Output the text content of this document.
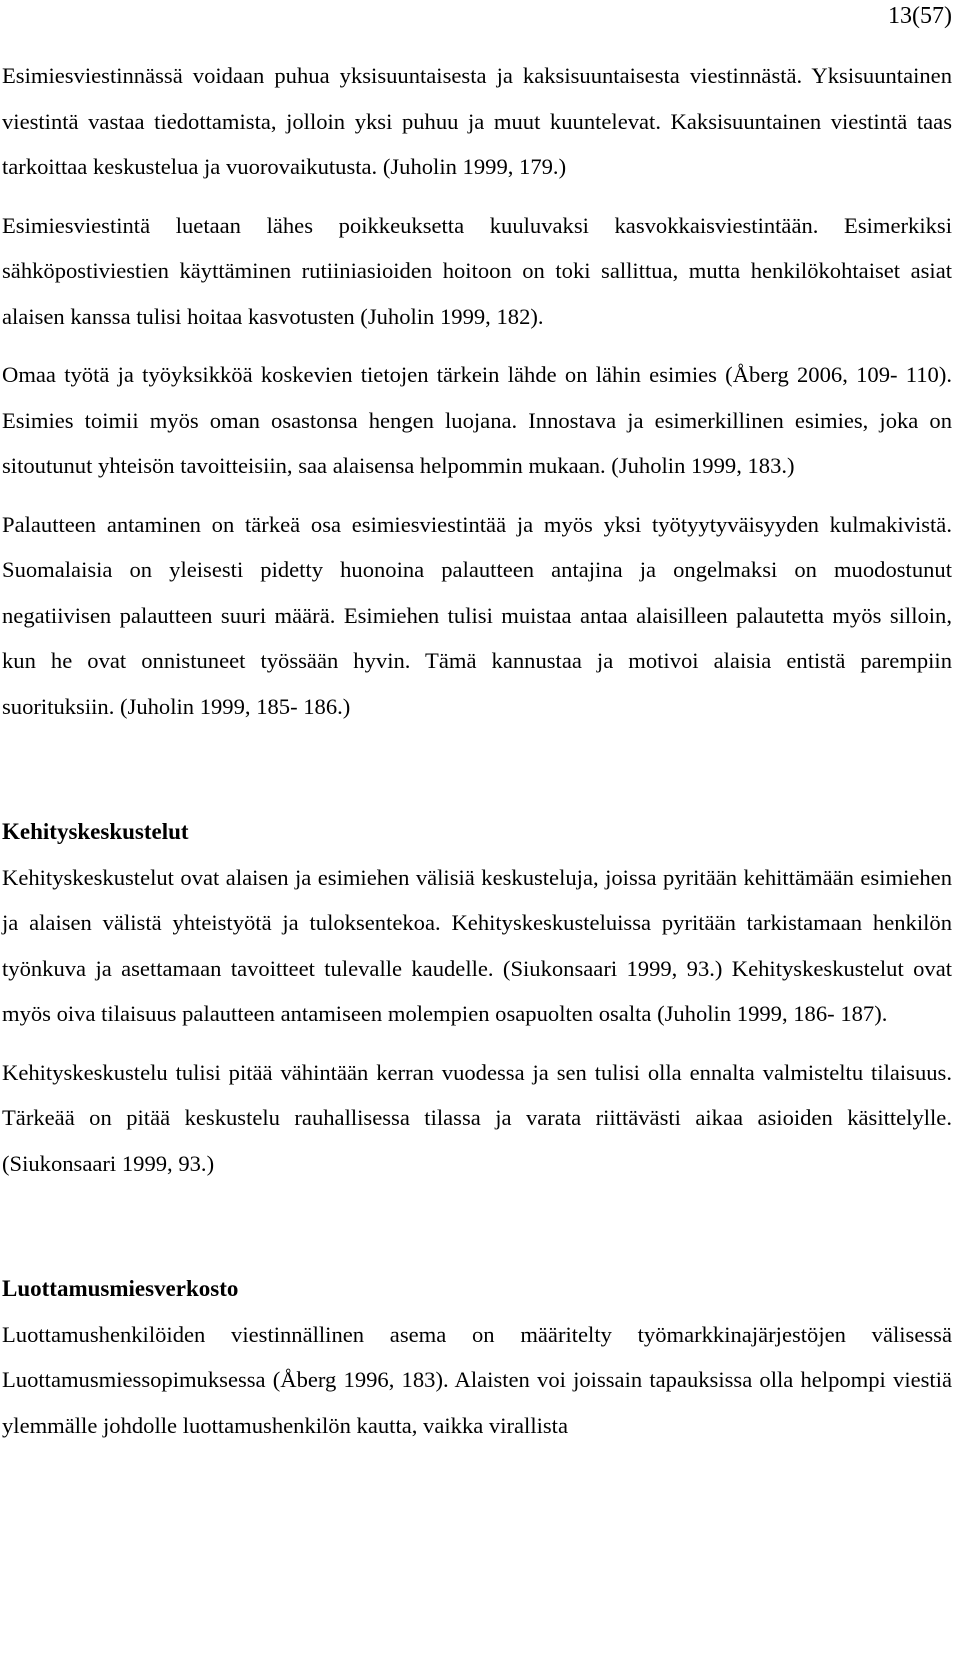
13(57)

Esimiesviestinnässä voidaan puhua yksisuuntaisesta ja kaksisuuntaisesta viestinnästä. Yksisuuntainen viestintä vastaa tiedottamista, jolloin yksi puhuu ja muut kuuntelevat. Kaksisuuntainen viestintä taas tarkoittaa keskustelua ja vuorovaikutusta. (Juholin 1999, 179.)

Esimiesviestintä luetaan lähes poikkeuksetta kuuluvaksi kasvokkaisviestintään. Esimerkiksi sähköpostiviestien käyttäminen rutiiniasioiden hoitoon on toki sallittua, mutta henkilökohtaiset asiat alaisen kanssa tulisi hoitaa kasvotusten (Juholin 1999, 182).

Omaa työtä ja työyksikköä koskevien tietojen tärkein lähde on lähin esimies (Åberg 2006, 109- 110). Esimies toimii myös oman osastonsa hengen luojana. Innostava ja esimerkillinen esimies, joka on sitoutunut yhteisön tavoitteisiin, saa alaisensa helpommin mukaan. (Juholin 1999, 183.)

Palautteen antaminen on tärkeä osa esimiesviestintää ja myös yksi työtyytyväisyyden kulmakivistä. Suomalaisia on yleisesti pidetty huonoina palautteen antajina ja ongelmaksi on muodostunut negatiivisen palautteen suuri määrä. Esimiehen tulisi muistaa antaa alaisilleen palautetta myös silloin, kun he ovat onnistuneet työssään hyvin. Tämä kannustaa ja motivoi alaisia entistä parempiin suorituksiin. (Juholin 1999, 185- 186.)

Kehityskeskustelut

Kehityskeskustelut ovat alaisen ja esimiehen välisiä keskusteluja, joissa pyritään kehittämään esimiehen ja alaisen välistä yhteistyötä ja tuloksentekoa. Kehityskeskusteluissa pyritään tarkistamaan henkilön työnkuva ja asettamaan tavoitteet tulevalle kaudelle. (Siukonsaari 1999, 93.) Kehityskeskustelut ovat myös oiva tilaisuus palautteen antamiseen molempien osapuolten osalta (Juholin 1999, 186- 187).

Kehityskeskustelu tulisi pitää vähintään kerran vuodessa ja sen tulisi olla ennalta valmisteltu tilaisuus. Tärkeää on pitää keskustelu rauhallisessa tilassa ja varata riittävästi aikaa asioiden käsittelylle. (Siukonsaari 1999, 93.)

Luottamusmiesverkosto

Luottamushenkilöiden viestinnällinen asema on määritelty työmarkkinajärjestöjen välisessä Luottamusmiessopimuksessa (Åberg 1996, 183). Alaisten voi joissain tapauksissa olla helpompi viestiä ylemmälle johdolle luottamushenkilön kautta, vaikka virallista
